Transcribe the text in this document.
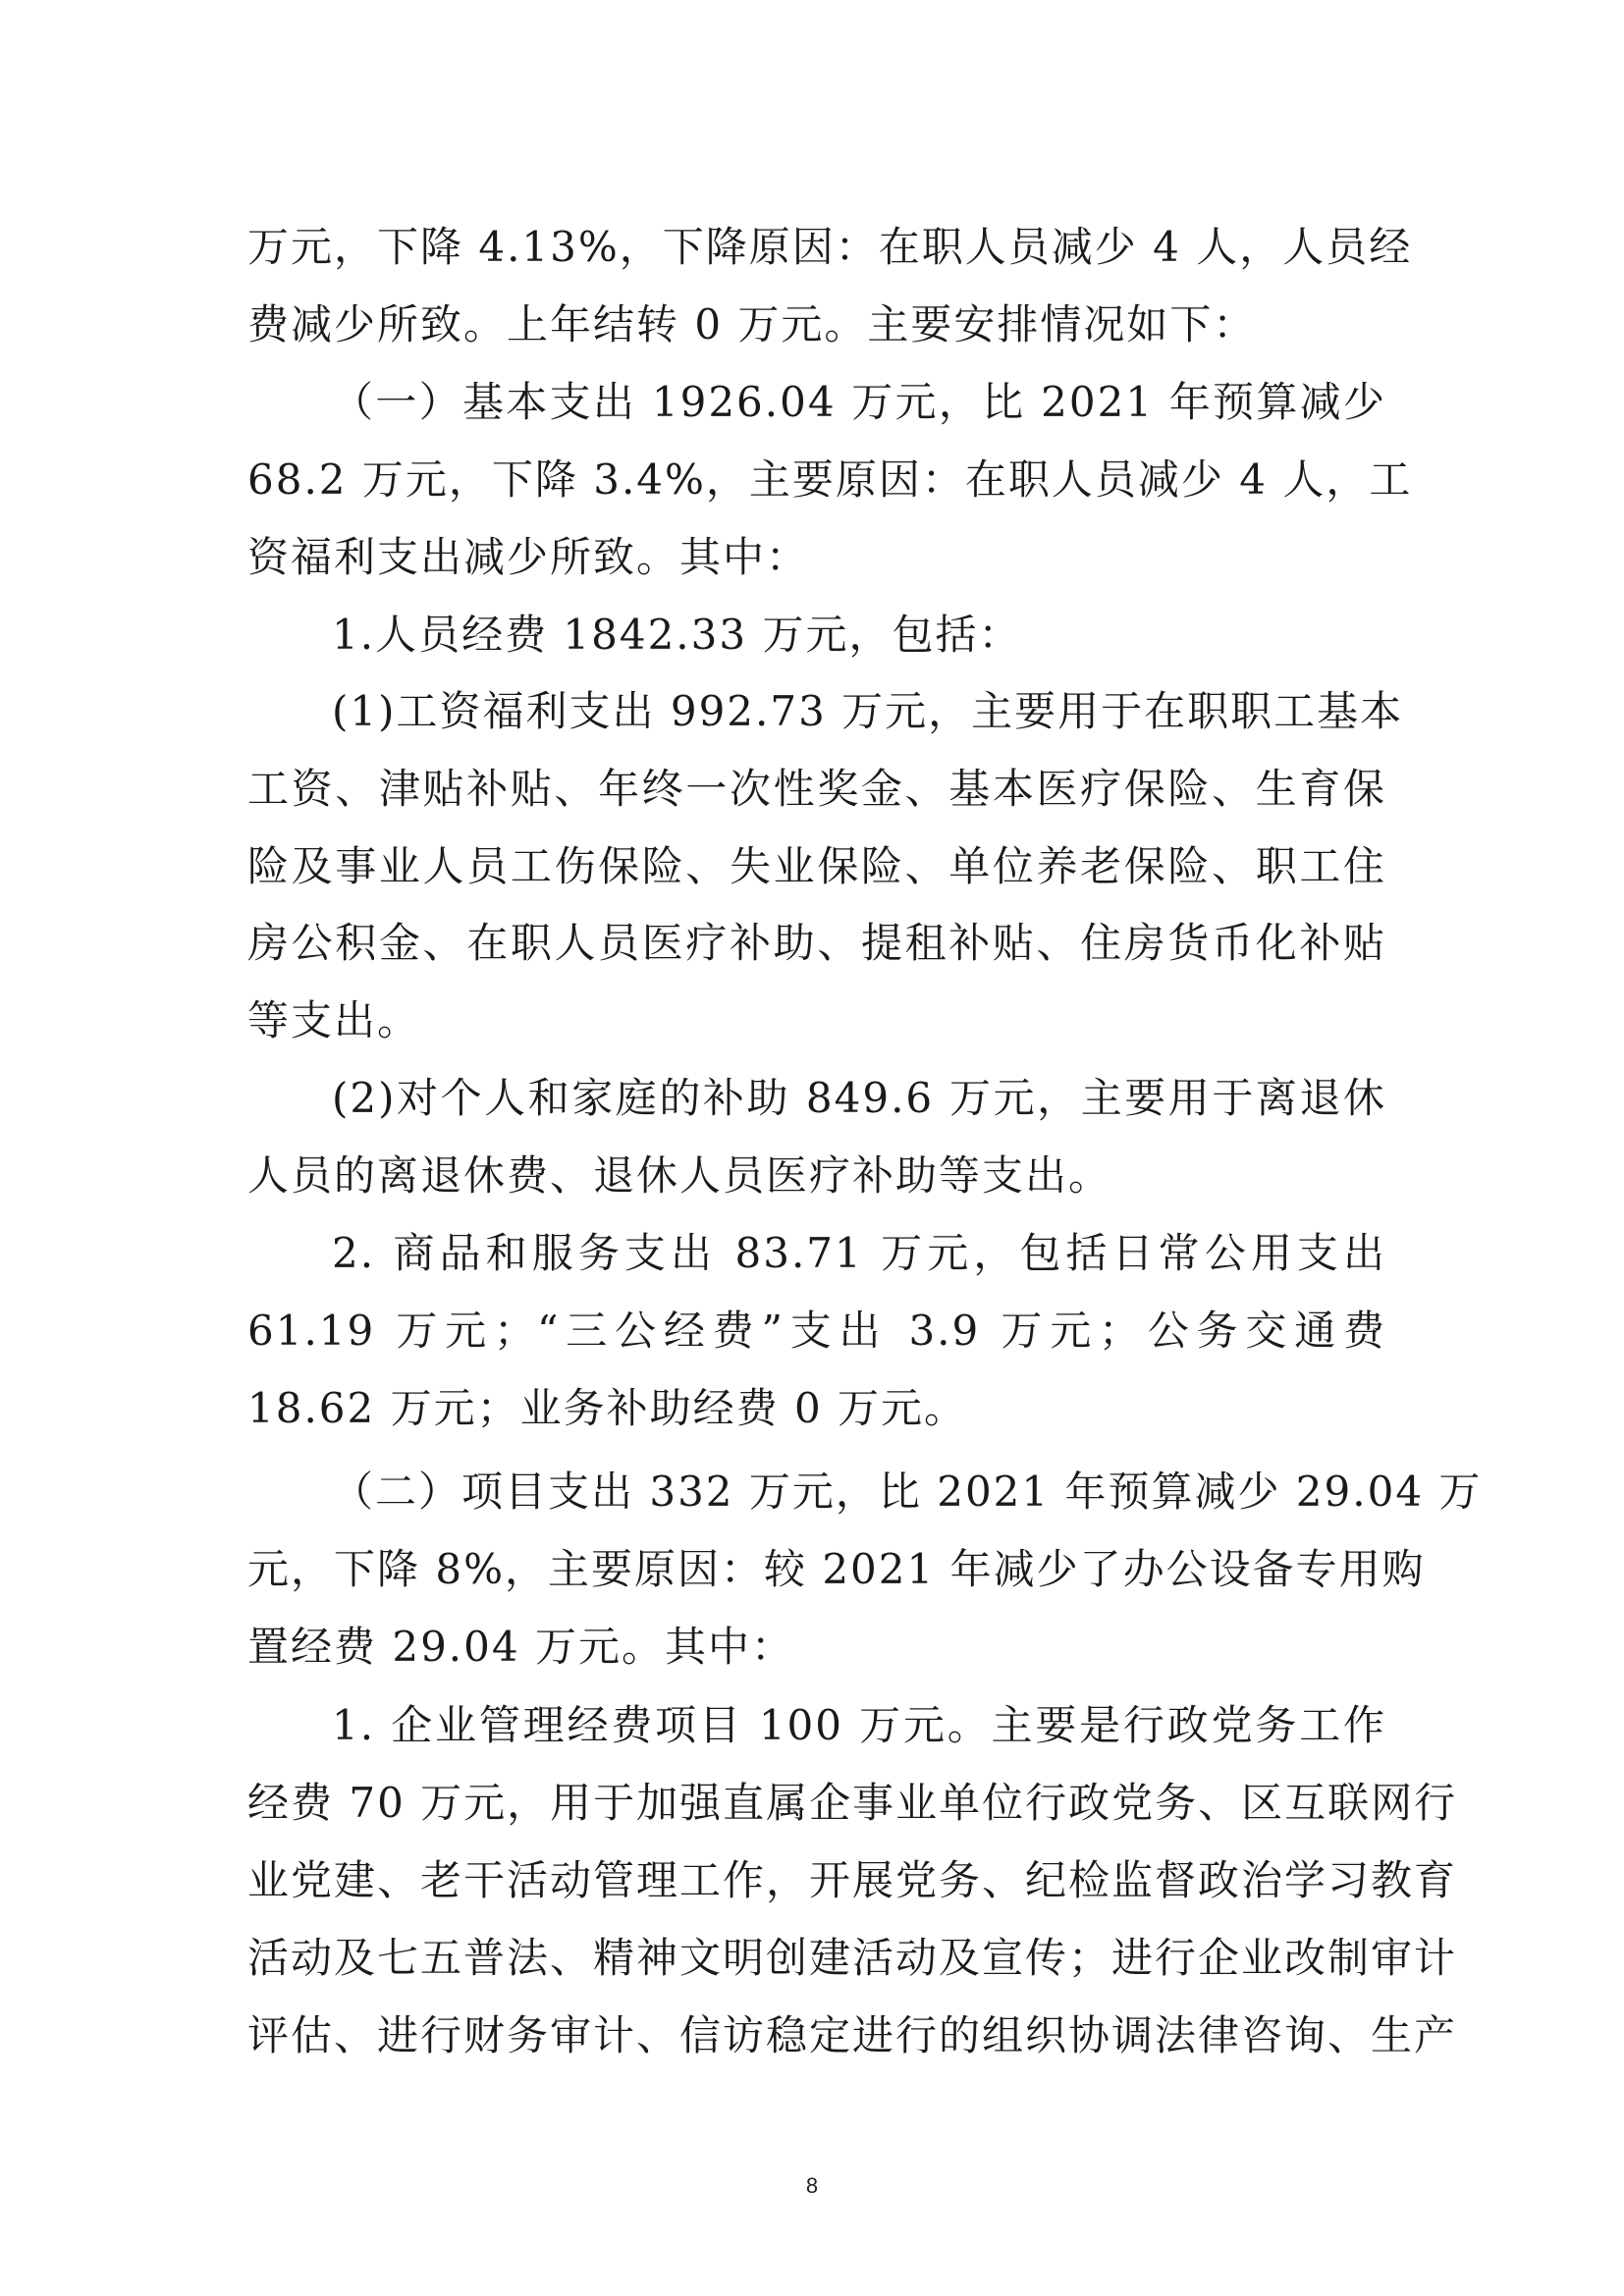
万元，下降 4.13%，下降原因：在职人员减少 4 人，人员经
费减少所致。上年结转 0 万元。主要安排情况如下：
（一）基本支出 1926.04 万元，比 2021 年预算减少
68.2 万元，下降 3.4%，主要原因：在职人员减少 4 人，工
资福利支出减少所致。其中：
1.人员经费 1842.33 万元，包括：
(1)工资福利支出 992.73 万元，主要用于在职职工基本
工资、津贴补贴、年终一次性奖金、基本医疗保险、生育保
险及事业人员工伤保险、失业保险、单位养老保险、职工住
房公积金、在职人员医疗补助、提租补贴、住房货币化补贴
等支出。
(2)对个人和家庭的补助 849.6 万元，主要用于离退休
人员的离退休费、退休人员医疗补助等支出。
2. 商品和服务支出 83.71 万元，包括日常公用支出
61.19 万元；“三公经费”支出 3.9 万元；公务交通费
18.62 万元；业务补助经费 0 万元。
（二）项目支出 332 万元，比 2021 年预算减少 29.04 万
元，下降 8%，主要原因：较 2021 年减少了办公设备专用购
置经费 29.04 万元。其中：
1. 企业管理经费项目 100 万元。主要是行政党务工作
经费 70 万元，用于加强直属企事业单位行政党务、区互联网行
业党建、老干活动管理工作，开展党务、纪检监督政治学习教育
活动及七五普法、精神文明创建活动及宣传；进行企业改制审计
评估、进行财务审计、信访稳定进行的组织协调法律咨询、生产
8
